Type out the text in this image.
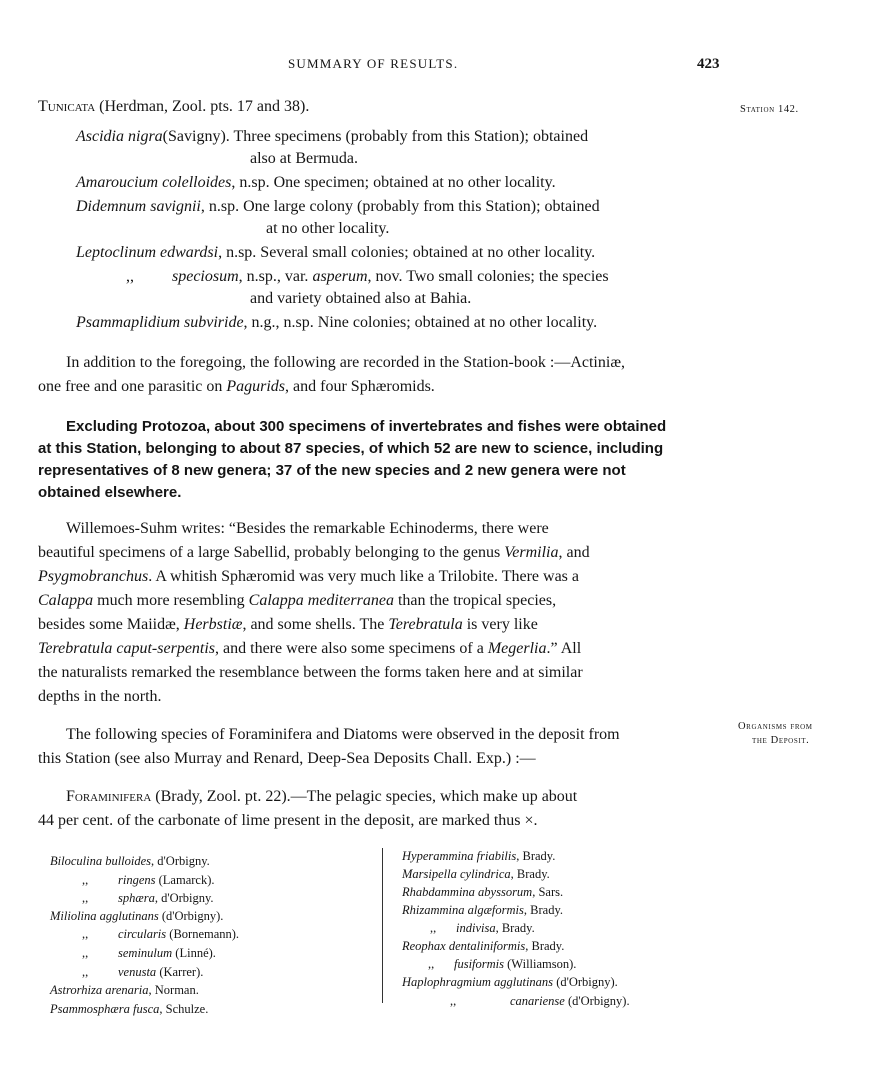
SUMMARY OF RESULTS.	423
Station 142.
Organisms from
the Deposit.
Tunicata (Herdman, Zool. pts. 17 and 38).
Ascidia nigra(Savigny). Three specimens (probably from this Station); obtained
also at Bermuda.
Amaroucium colelloides, n.sp. One specimen; obtained at no other locality.
Didemnum savignii, n.sp. One large colony (probably from this Station); obtained
at no other locality.
Leptoclinum edwardsi, n.sp. Several small colonies; obtained at no other locality.
,, speciosum, n.sp., var. asperum, nov. Two small colonies; the species
and variety obtained also at Bahia.
Psammaplidium subviride, n.g., n.sp. Nine colonies; obtained at no other locality.
In addition to the foregoing, the following are recorded in the Station-book :—Actiniæ,
one free and one parasitic on Pagurids, and four Sphæromids.
Excluding Protozoa, about 300 specimens of invertebrates and fishes were obtained
at this Station, belonging to about 87 species, of which 52 are new to science, including
representatives of 8 new genera; 37 of the new species and 2 new genera were not
obtained elsewhere.
Willemoes-Suhm writes: “Besides the remarkable Echinoderms, there were
beautiful specimens of a large Sabellid, probably belonging to the genus Vermilia, and
Psygmobranchus. A whitish Sphæromid was very much like a Trilobite. There was a
Calappa much more resembling Calappa mediterranea than the tropical species,
besides some Maiidæ, Herbstiæ, and some shells. The Terebratula is very like
Terebratula caput-serpentis, and there were also some specimens of a Megerlia.” All
the naturalists remarked the resemblance between the forms taken here and at similar
depths in the north.
The following species of Foraminifera and Diatoms were observed in the deposit from
this Station (see also Murray and Renard, Deep-Sea Deposits Chall. Exp.) :—
Foraminifera (Brady, Zool. pt. 22).—The pelagic species, which make up about
44 per cent. of the carbonate of lime present in the deposit, are marked thus ×.
Biloculina bulloides, d'Orbigny.
,, ringens (Lamarck).
,, sphæra, d'Orbigny.
Miliolina agglutinans (d'Orbigny).
,, circularis (Bornemann).
,, seminulum (Linné).
,, venusta (Karrer).
Astrorhiza arenaria, Norman.
Psammosphæra fusca, Schulze.
Hyperammina friabilis, Brady.
Marsipella cylindrica, Brady.
Rhabdammina abyssorum, Sars.
Rhizammina algæformis, Brady.
,, indivisa, Brady.
Reophax dentaliniformis, Brady.
,, fusiformis (Williamson).
Haplophragmium agglutinans (d'Orbigny).
,,	canariense (d'Orbigny).
